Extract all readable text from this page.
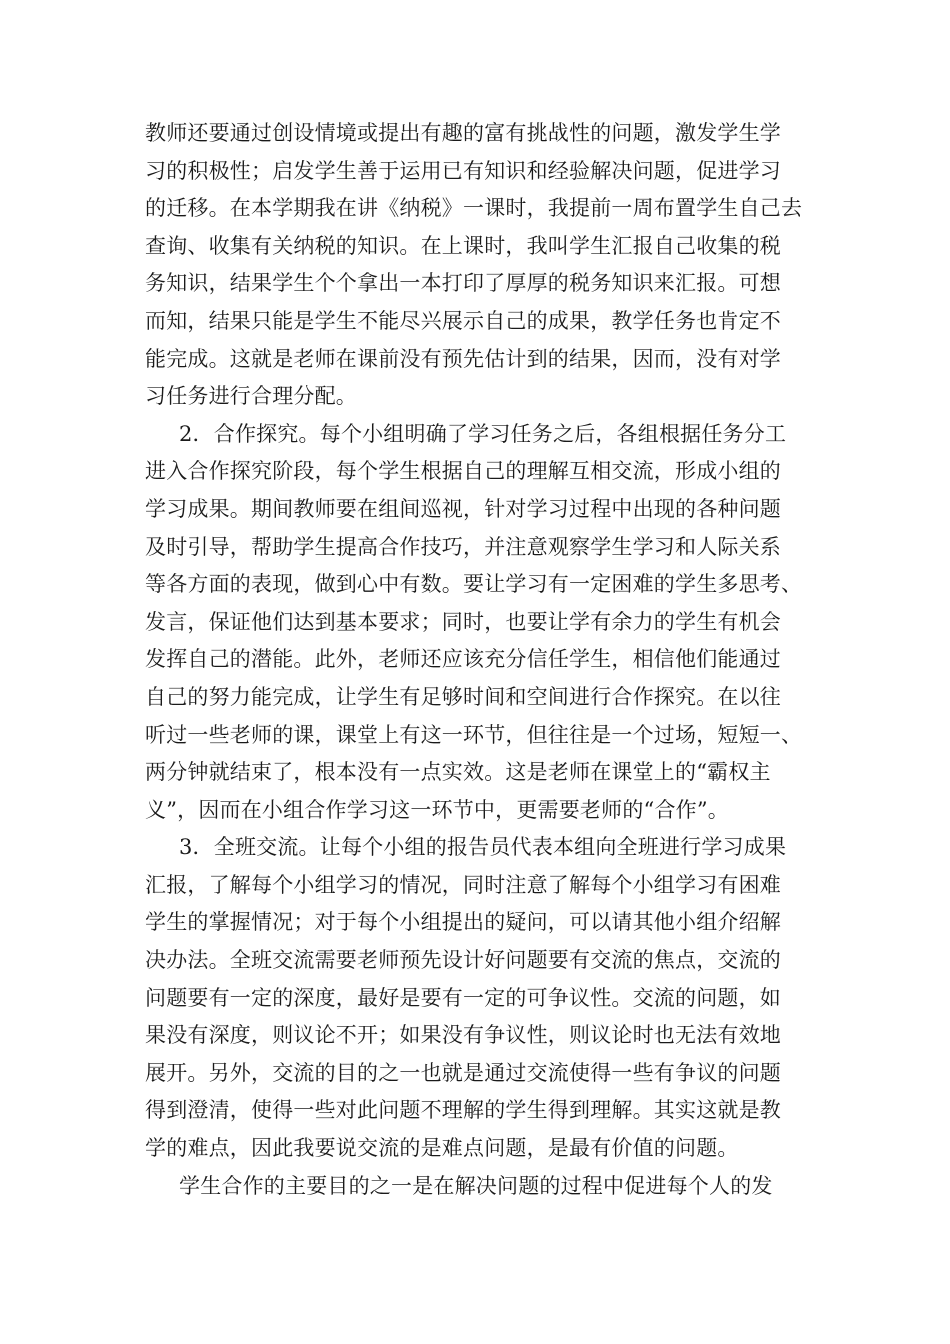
教师还要通过创设情境或提出有趣的富有挑战性的问题，激发学生学
习的积极性；启发学生善于运用已有知识和经验解决问题，促进学习
的迁移。在本学期我在讲《纳税》一课时，我提前一周布置学生自己去
查询、收集有关纳税的知识。在上课时，我叫学生汇报自己收集的税
务知识，结果学生个个拿出一本打印了厚厚的税务知识来汇报。可想
而知，结果只能是学生不能尽兴展示自己的成果，教学任务也肯定不
能完成。这就是老师在课前没有预先估计到的结果，因而，没有对学
习任务进行合理分配。
2．合作探究。每个小组明确了学习任务之后，各组根据任务分工
进入合作探究阶段，每个学生根据自己的理解互相交流，形成小组的
学习成果。期间教师要在组间巡视，针对学习过程中出现的各种问题
及时引导，帮助学生提高合作技巧，并注意观察学生学习和人际关系
等各方面的表现，做到心中有数。要让学习有一定困难的学生多思考、
发言，保证他们达到基本要求；同时，也要让学有余力的学生有机会
发挥自己的潜能。此外，老师还应该充分信任学生，相信他们能通过
自己的努力能完成，让学生有足够时间和空间进行合作探究。在以往
听过一些老师的课，课堂上有这一环节，但往往是一个过场，短短一、
两分钟就结束了，根本没有一点实效。这是老师在课堂上的“霸权主
义”，因而在小组合作学习这一环节中，更需要老师的“合作”。
3．全班交流。让每个小组的报告员代表本组向全班进行学习成果
汇报，了解每个小组学习的情况，同时注意了解每个小组学习有困难
学生的掌握情况；对于每个小组提出的疑问，可以请其他小组介绍解
决办法。全班交流需要老师预先设计好问题要有交流的焦点，交流的
问题要有一定的深度，最好是要有一定的可争议性。交流的问题，如
果没有深度，则议论不开；如果没有争议性，则议论时也无法有效地
展开。另外，交流的目的之一也就是通过交流使得一些有争议的问题
得到澄清，使得一些对此问题不理解的学生得到理解。其实这就是教
学的难点，因此我要说交流的是难点问题，是最有价值的问题。
学生合作的主要目的之一是在解决问题的过程中促进每个人的发
